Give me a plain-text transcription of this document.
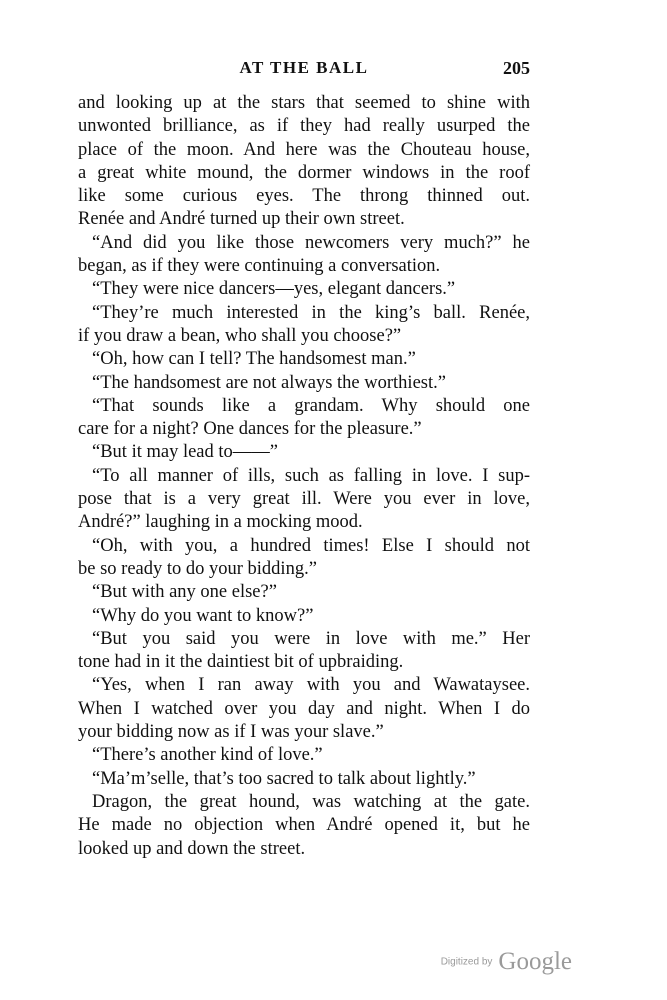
AT THE BALL	205
and looking up at the stars that seemed to shine with
unwonted brilliance, as if they had really usurped the
place of the moon. And here was the Chouteau house,
a great white mound, the dormer windows in the roof
like some curious eyes. The throng thinned out.
Renée and André turned up their own street.
“And did you like those newcomers very much?” he
began, as if they were continuing a conversation.
“They were nice dancers—yes, elegant dancers.”
“They’re much interested in the king’s ball. Renée,
if you draw a bean, who shall you choose?”
“Oh, how can I tell? The handsomest man.”
“The handsomest are not always the worthiest.”
“That sounds like a grandam. Why should one
care for a night? One dances for the pleasure.”
“But it may lead to——”
“To all manner of ills, such as falling in love. I sup-
pose that is a very great ill. Were you ever in love,
André?” laughing in a mocking mood.
“Oh, with you, a hundred times! Else I should not
be so ready to do your bidding.”
“But with any one else?”
“Why do you want to know?”
“But you said you were in love with me.” Her
tone had in it the daintiest bit of upbraiding.
“Yes, when I ran away with you and Wawataysee.
When I watched over you day and night. When I do
your bidding now as if I was your slave.”
“There’s another kind of love.”
“Ma’m’selle, that’s too sacred to talk about lightly.”
Dragon, the great hound, was watching at the gate.
He made no objection when André opened it, but he
looked up and down the street.
Digitized by Google
